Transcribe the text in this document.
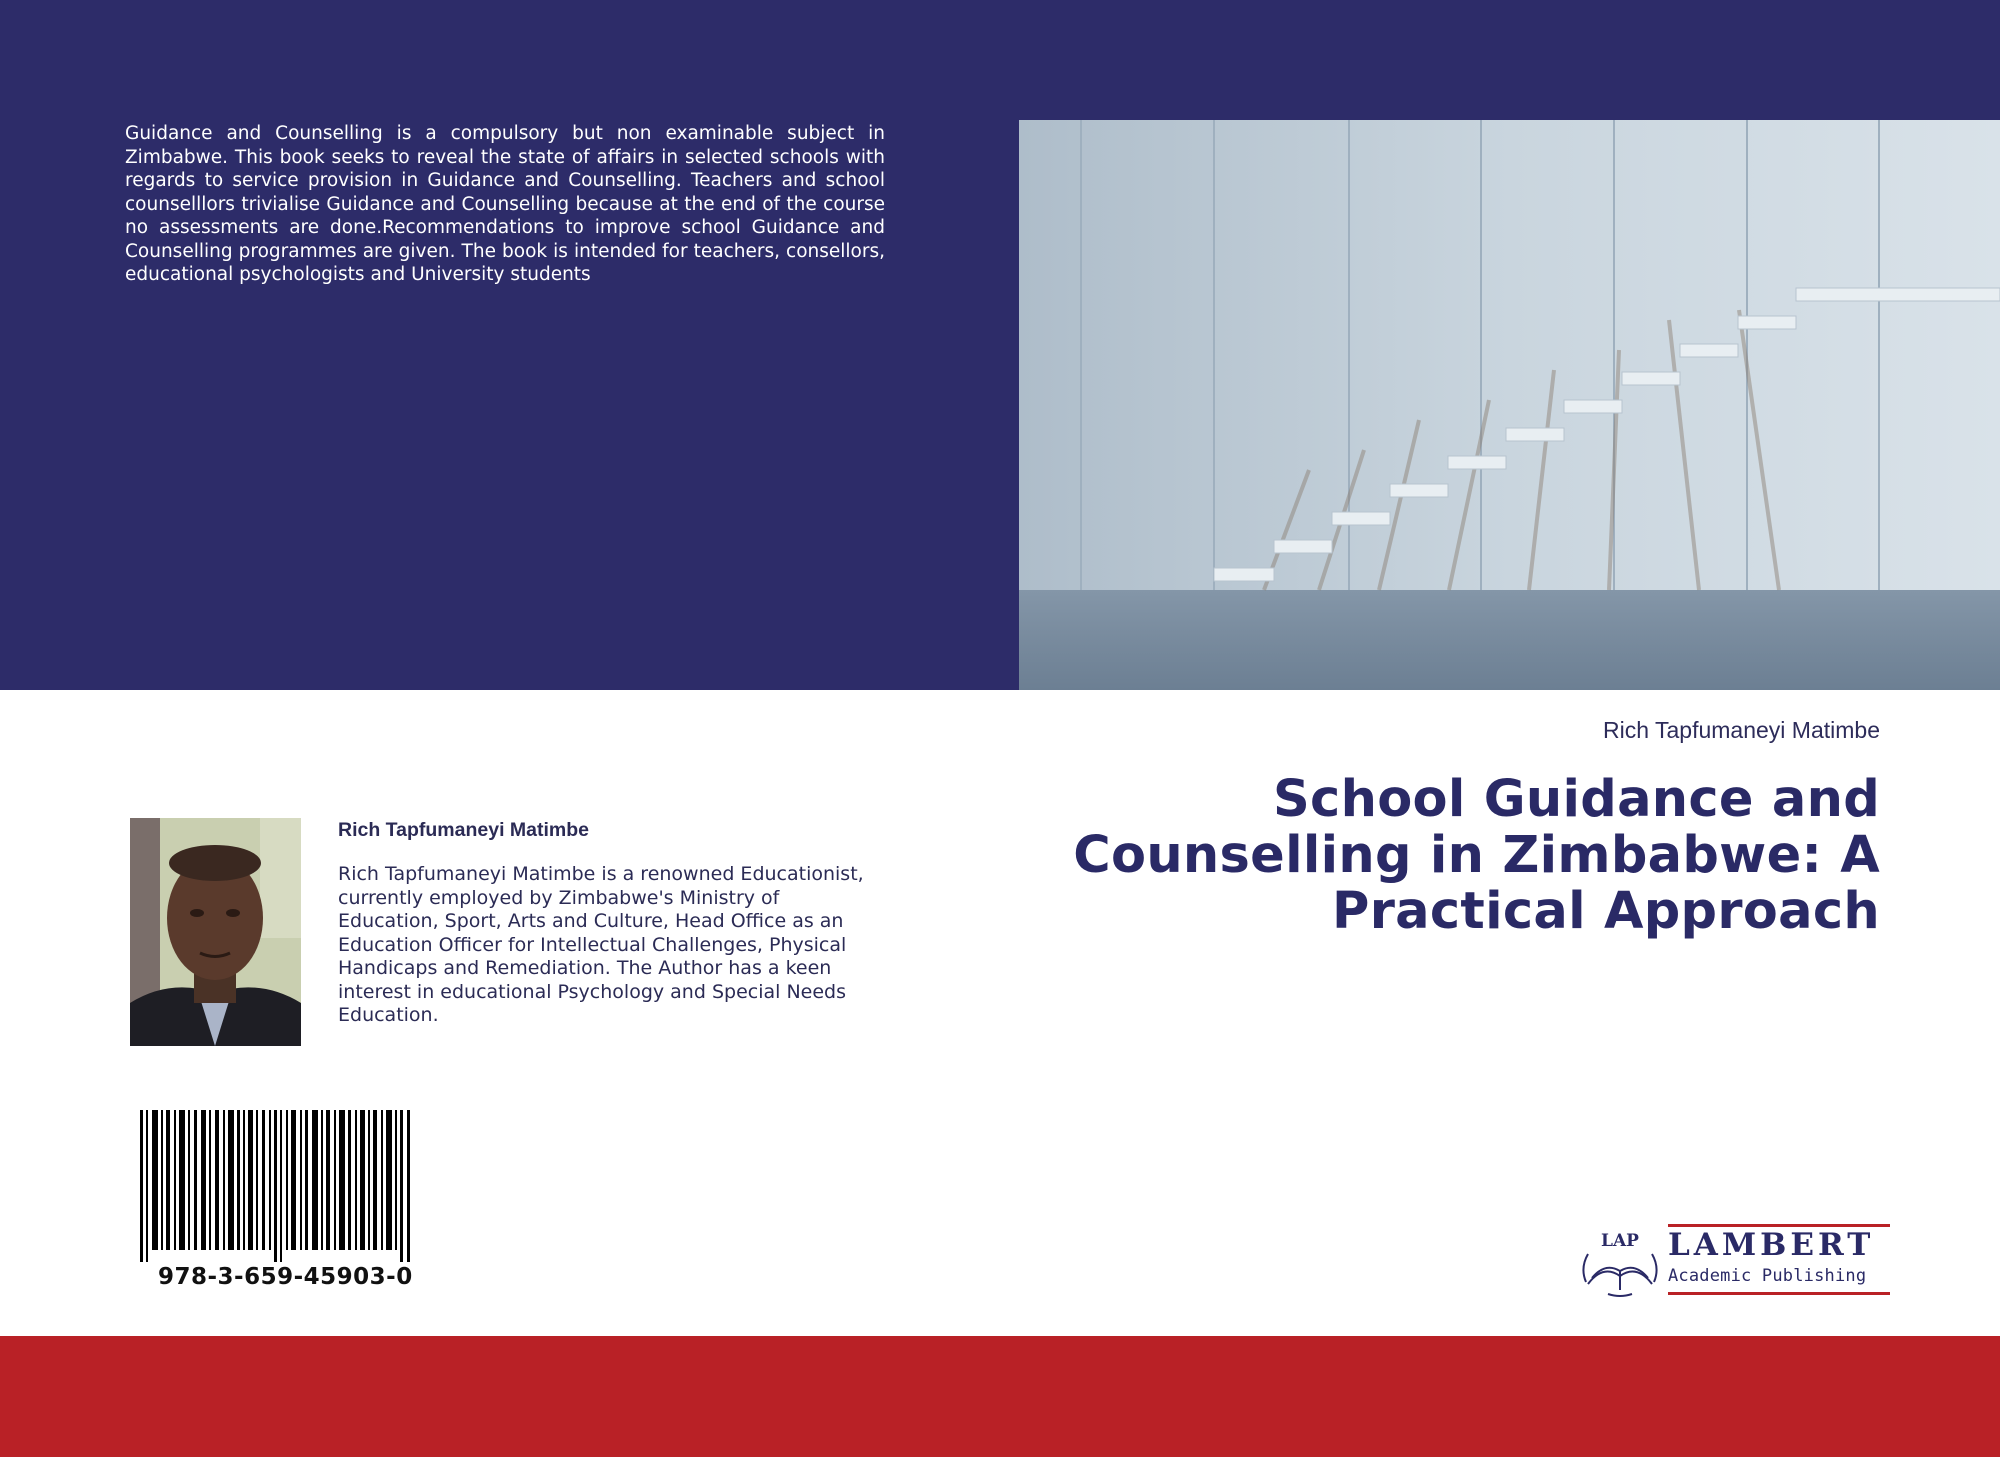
Guidance and Counselling is a compulsory but non examinable subject in Zimbabwe. This book seeks to reveal the state of affairs in selected schools with regards to service provision in Guidance and Counselling. Teachers and school counselllors trivialise Guidance and Counselling because at the end of the course no assessments are done.Recommendations to improve school Guidance and Counselling programmes are given. The book is intended for teachers, consellors, educational psychologists and University students

Rich Tapfumaneyi Matimbe

School Guidance and Counselling in Zimbabwe: A Practical Approach

Rich Tapfumaneyi Matimbe

Rich Tapfumaneyi Matimbe is a renowned Educationist, currently employed by Zimbabwe's Ministry of Education, Sport, Arts and Culture, Head Office as an Education Officer for Intellectual Challenges, Physical Handicaps and Remediation. The Author has a keen interest in educational Psychology and Special Needs Education.

978-3-659-45903-0

LAP LAMBERT

Academic Publishing
